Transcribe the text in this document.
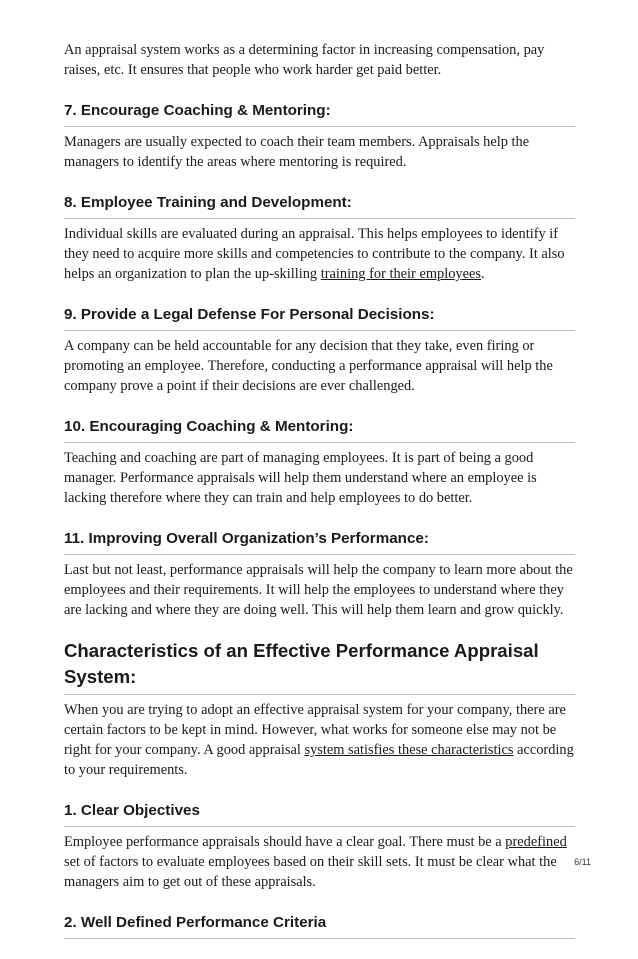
An appraisal system works as a determining factor in increasing compensation, pay raises, etc. It ensures that people who work harder get paid better.

7. Encourage Coaching & Mentoring:

Managers are usually expected to coach their team members. Appraisals help the managers to identify the areas where mentoring is required.

8. Employee Training and Development:

Individual skills are evaluated during an appraisal. This helps employees to identify if they need to acquire more skills and competencies to contribute to the company. It also helps an organization to plan the up-skilling training for their employees.

9. Provide a Legal Defense For Personal Decisions:

A company can be held accountable for any decision that they take, even firing or promoting an employee. Therefore, conducting a performance appraisal will help the company prove a point if their decisions are ever challenged.

10. Encouraging Coaching & Mentoring:

Teaching and coaching are part of managing employees. It is part of being a good manager. Performance appraisals will help them understand where an employee is lacking therefore where they can train and help employees to do better.

11. Improving Overall Organization’s Performance:

Last but not least, performance appraisals will help the company to learn more about the employees and their requirements. It will help the employees to understand where they are lacking and where they are doing well. This will help them learn and grow quickly.

Characteristics of an Effective Performance Appraisal System:

When you are trying to adopt an effective appraisal system for your company, there are certain factors to be kept in mind. However, what works for someone else may not be right for your company. A good appraisal system satisfies these characteristics according to your requirements.

1. Clear Objectives

Employee performance appraisals should have a clear goal. There must be a predefined set of factors to evaluate employees based on their skill sets. It must be clear what the managers aim to get out of these appraisals.

2. Well Defined Performance Criteria
6/11
